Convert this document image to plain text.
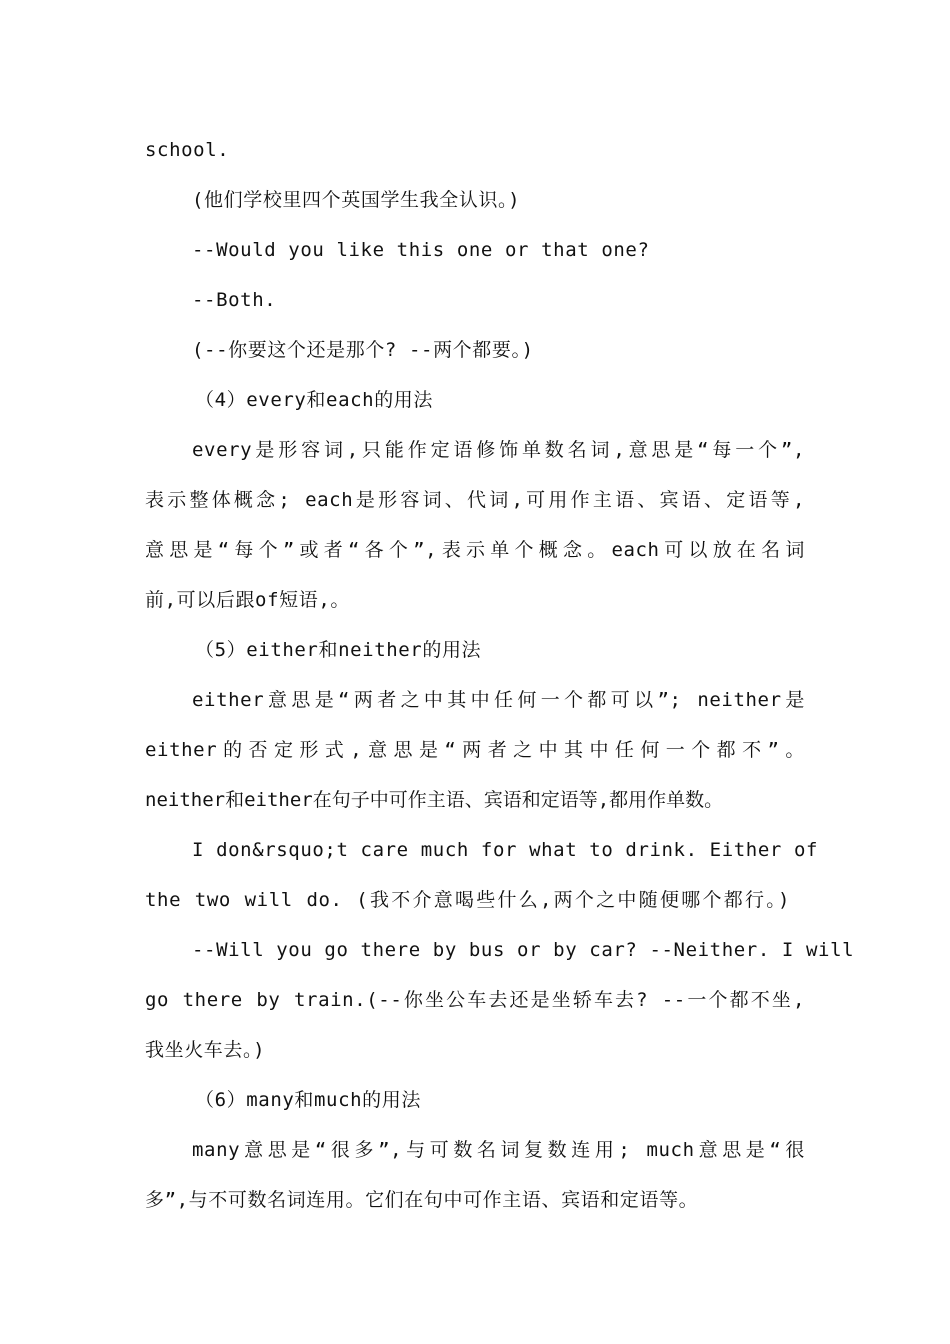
school.
(他们学校里四个英国学生我全认识。)
--Would you like this one or that one?
--Both.
(--你要这个还是那个? --两个都要。)
（4）every和each的用法
every是形容词,只能作定语修饰单数名词,意思是“每一个”,
表示整体概念; each是形容词、代词,可用作主语、宾语、定语等,
意思是“每个”或者“各个”,表示单个概念。each可以放在名词
前,可以后跟of短语,。
（5）either和neither的用法
either意思是“两者之中其中任何一个都可以”; neither是
either的否定形式,意思是“两者之中其中任何一个都不”。
neither和either在句子中可作主语、宾语和定语等,都用作单数。
I don&rsquo;t care much for what to drink. Either of
the two will do. (我不介意喝些什么,两个之中随便哪个都行。)
--Will you go there by bus or by car? --Neither. I will
go there by train.(--你坐公车去还是坐轿车去? --一个都不坐,
我坐火车去。)
（6）many和much的用法
many意思是“很多”,与可数名词复数连用; much意思是“很
多”,与不可数名词连用。它们在句中可作主语、宾语和定语等。
